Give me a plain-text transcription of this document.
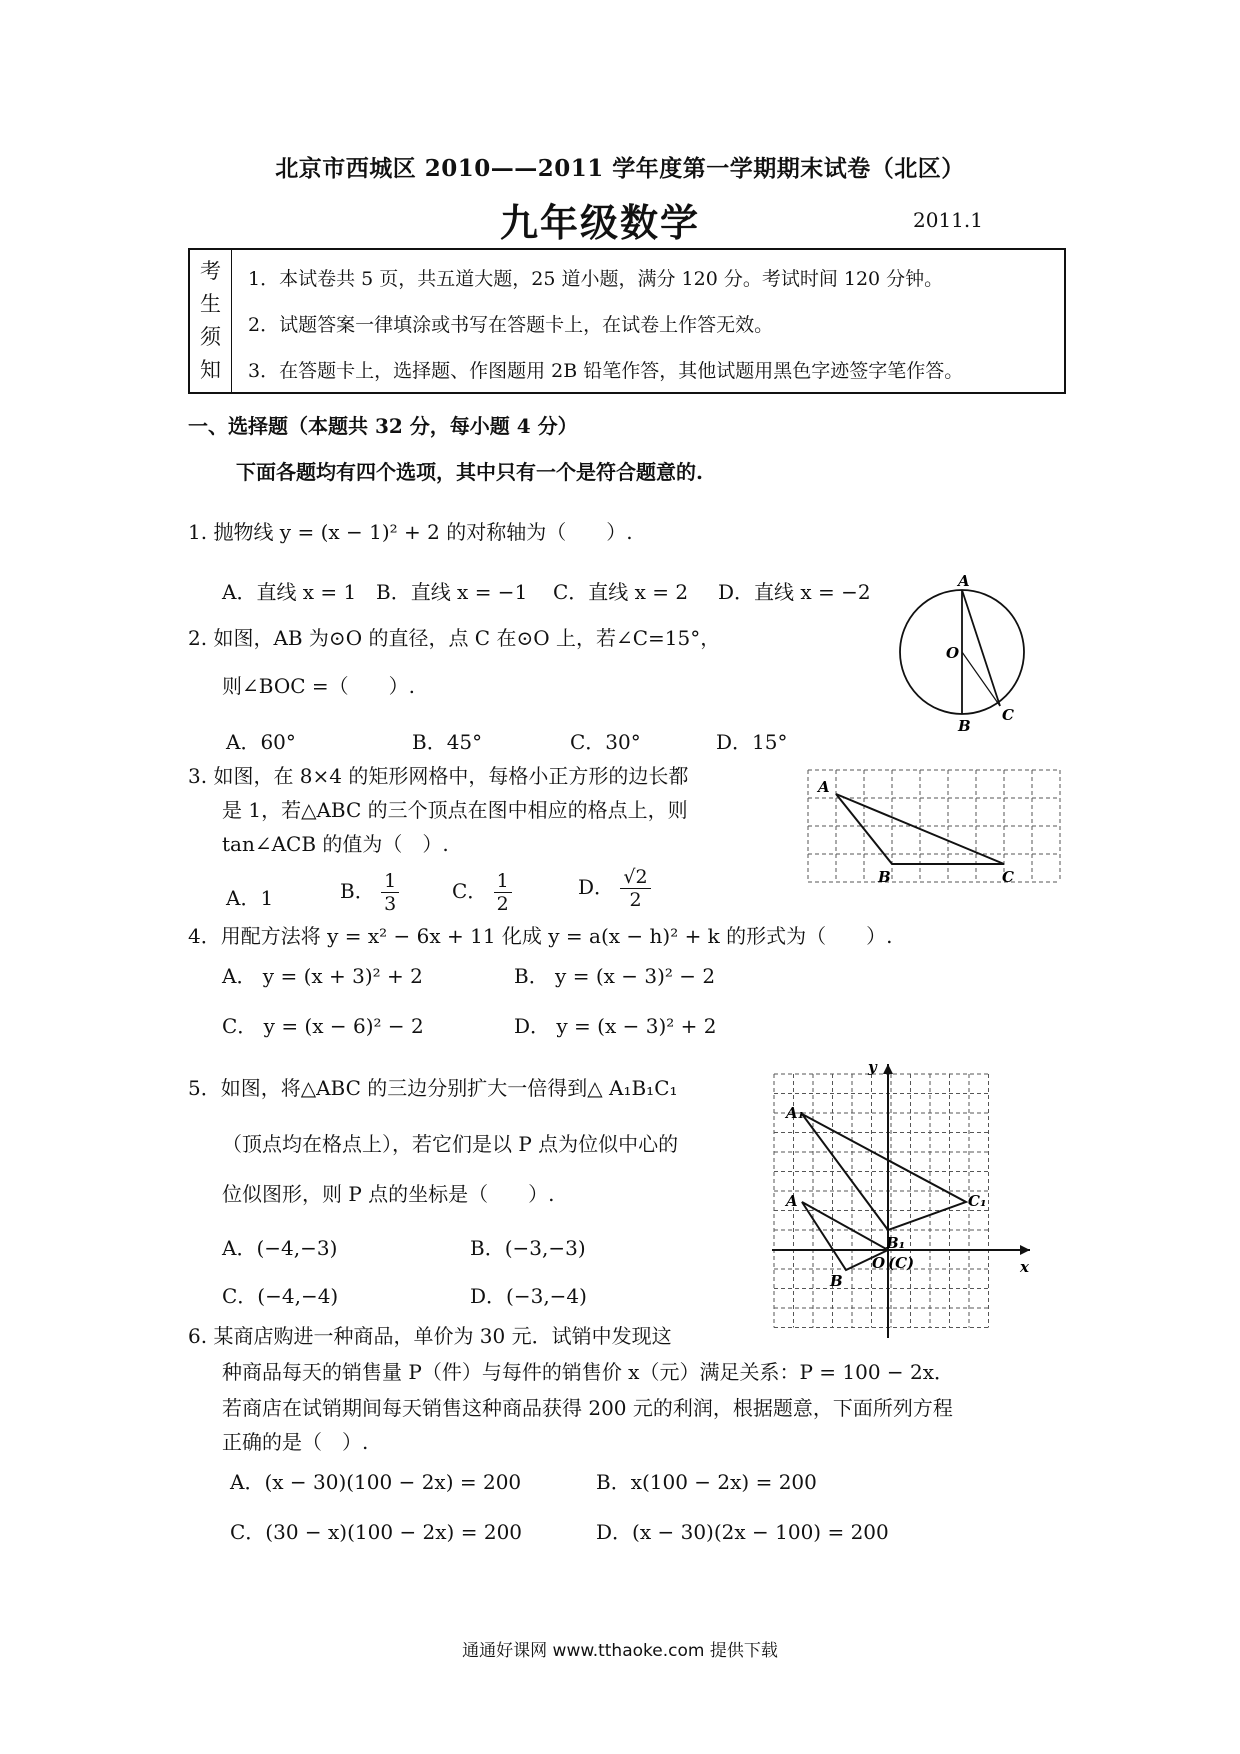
北京市西城区 2010——2011 学年度第一学期期末试卷（北区）
九年级数学	2011.1
考
生
须
知
1．本试卷共 5 页，共五道大题，25 道小题，满分 120 分。考试时间 120 分钟。
2．试题答案一律填涂或书写在答题卡上，在试卷上作答无效。
3．在答题卡上，选择题、作图题用 2B 铅笔作答，其他试题用黑色字迹签字笔作答。
一、选择题（本题共 32 分，每小题 4 分）
下面各题均有四个选项，其中只有一个是符合题意的.
1. 抛物线 y = (x − 1)² + 2 的对称轴为（　　）.
A．直线 x = 1 B．直线 x = −1 C．直线 x = 2 D．直线 x = −2
2. 如图，AB 为⊙O 的直径，点 C 在⊙O 上，若∠C=15°，
则∠BOC =（　　）.
A．60°	B．45°	C．30°	D．15°
A
O
B
C
3. 如图，在 8×4 的矩形网格中，每格小正方形的边长都
是 1，若△ABC 的三个顶点在图中相应的格点上，则
tan∠ACB 的值为（　）.
A．1	B． $\frac{1}{3}$	C． $\frac{1}{2}$	D． $\frac{√2}{2}$
A
B	C
4．用配方法将 y = x² − 6x + 11 化成 y = a(x − h)² + k 的形式为（　　）.
A． y = (x + 3)² + 2	B． y = (x − 3)² − 2
C． y = (x − 6)² − 2	D． y = (x − 3)² + 2
5．如图，将△ABC 的三边分别扩大一倍得到△ A₁B₁C₁
（顶点均在格点上），若它们是以 P 点为位似中心的
位似图形，则 P 点的坐标是（　　）.
A．(−4,−3)	B．(−3,−3)
C．(−4,−4)	D．(−3,−4)
y
x
A₁
C₁
A
B₁
O (C)
B
6. 某商店购进一种商品，单价为 30 元．试销中发现这
种商品每天的销售量 P（件）与每件的销售价 x（元）满足关系：P = 100 − 2x．
若商店在试销期间每天销售这种商品获得 200 元的利润，根据题意，下面所列方程
正确的是（　）.
A．(x − 30)(100 − 2x) = 200	B．x(100 − 2x) = 200
C．(30 − x)(100 − 2x) = 200	D．(x − 30)(2x − 100) = 200
通通好课网 www.tthaoke.com 提供下载
